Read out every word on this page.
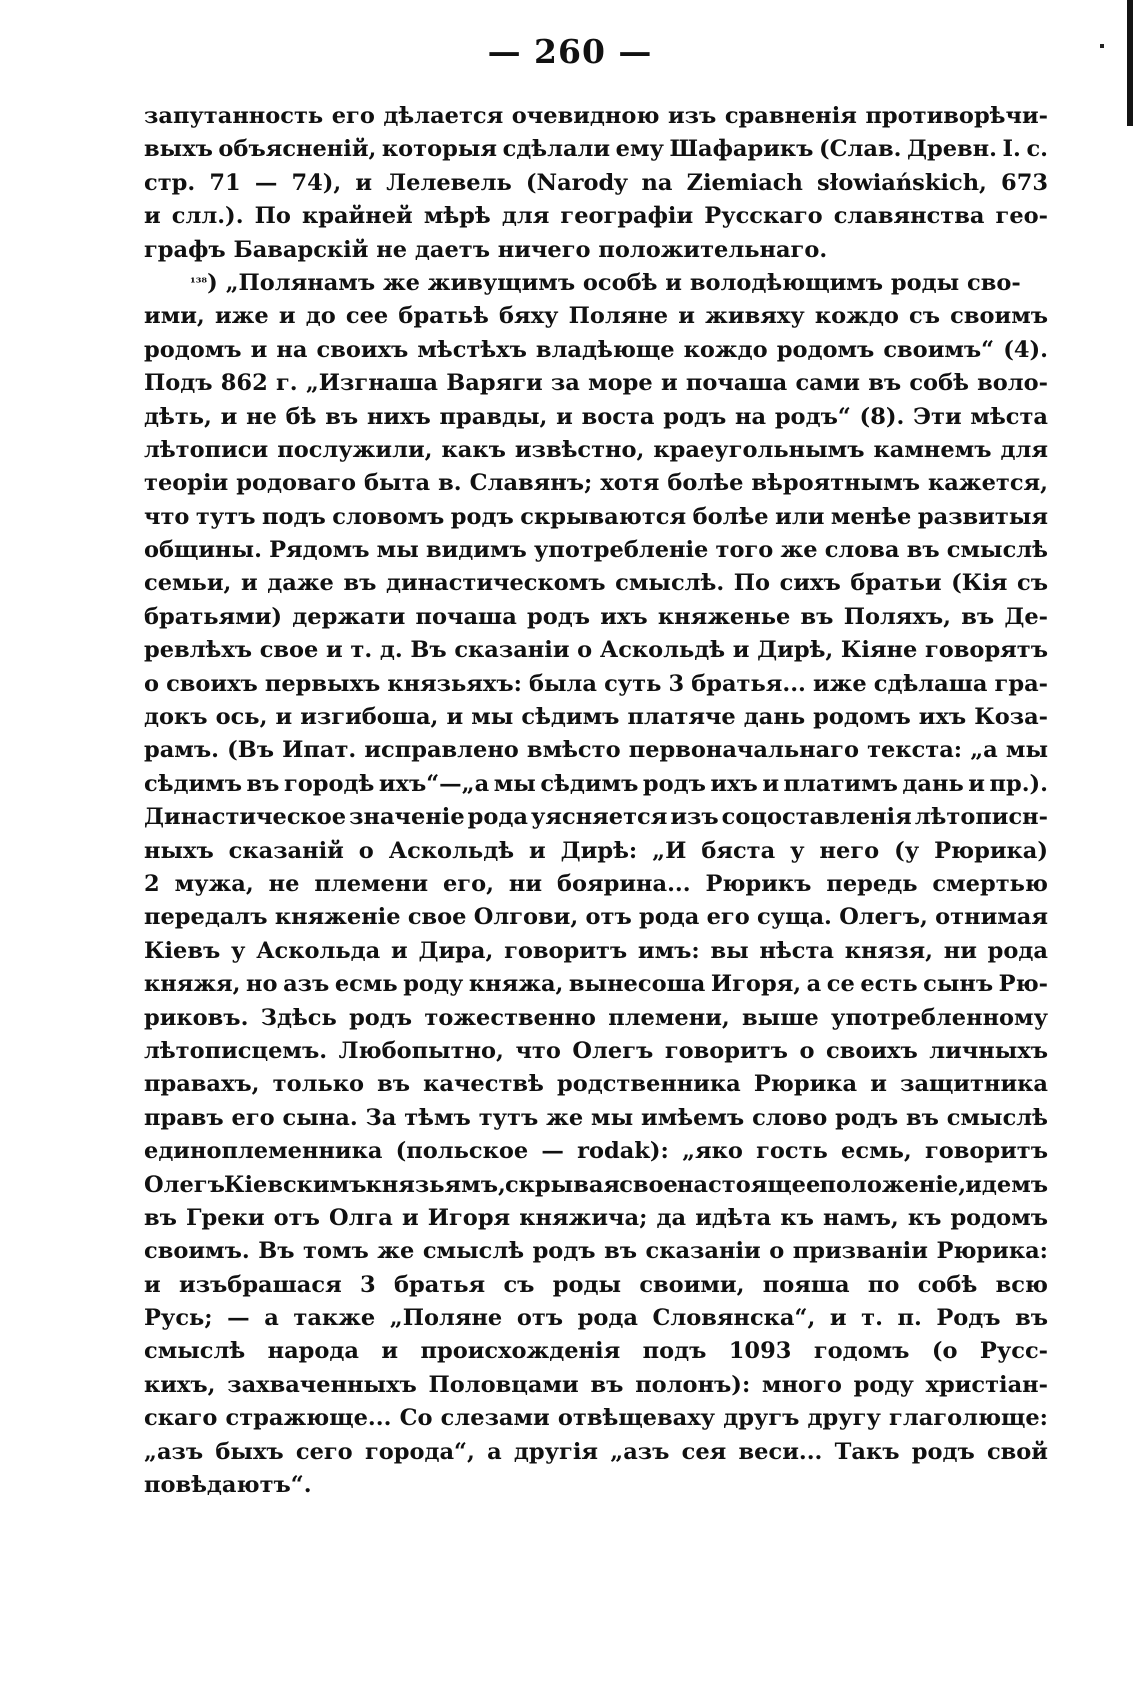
— 260 —
запутанность его дѣлается очевидною изъ сравненія противорѣчи-
выхъ объясненій, которыя сдѣлали ему Шафарикъ (Слав. Древн. I. с.
стр. 71 — 74), и Лелевель (Narody na Ziemiach słowiańskich, 673
и слл.). По крайней мѣрѣ для географіи Русскаго славянства гео-
графъ Баварскій не даетъ ничего положительнаго.
¹³⁸ ) „Полянамъ же живущимъ особѣ и володѣющимъ роды сво-
ими, иже и до сее братьѣ бяху Поляне и живяху кождо съ своимъ
родомъ и на своихъ мѣстѣхъ владѣюще кождо родомъ своимъ“ (4).
Подъ 862 г. „Изгнаша Варяги за море и почаша сами въ собѣ воло-
дѣть, и не бѣ въ нихъ правды, и воста родъ на родъ“ (8). Эти мѣста
лѣтописи послужили, какъ извѣстно, краеугольнымъ камнемъ для
теоріи родоваго быта в. Славянъ; хотя болѣе вѣроятнымъ кажется,
что тутъ подъ словомъ родъ скрываются болѣе или менѣе развитыя
общины. Рядомъ мы видимъ употребленіе того же слова въ смыслѣ
семьи, и даже въ династическомъ смыслѣ. По сихъ братьи (Кія съ
братьями) держати почаша родъ ихъ княженье въ Поляхъ, въ Де-
ревлѣхъ свое и т. д. Въ сказаніи о Аскольдѣ и Дирѣ, Кіяне говорятъ
о своихъ первыхъ князьяхъ: была суть 3 братья... иже сдѣлаша гра-
докъ ось, и изгибоша, и мы сѣдимъ платяче дань родомъ ихъ Коза-
рамъ. (Въ Ипат. исправлено вмѣсто первоначальнаго текста: „а мы
сѣдимъ въ городѣ ихъ“—„а мы сѣдимъ родъ ихъ и платимъ дань и пр.).
Династическое значеніе рода уясняется изъ соцоставленія лѣтописн-
ныхъ сказаній о Аскольдѣ и Дирѣ: „И бяста у него (у Рюрика)
2 мужа, не племени его, ни боярина... Рюрикъ передь смертью
передалъ княженіе свое Олгови, отъ рода его суща. Олегъ, отнимая
Кіевъ у Аскольда и Дира, говоритъ имъ: вы нѣста князя, ни рода
княжя, но азъ есмь роду княжа, вынесоша Игоря, а се есть сынъ Рю-
риковъ. Здѣсь родъ тожественно племени, выше употребленному
лѣтописцемъ. Любопытно, что Олегъ говоритъ о своихъ личныхъ
правахъ, только въ качествѣ родственника Рюрика и защитника
правъ его сына. За тѣмъ тутъ же мы имѣемъ слово родъ въ смыслѣ
единоплеменника (польское — rodak): „яко гость есмь, говоритъ
Олегъ Кіевскимъ князьямъ, скрывая свое настоящее положеніе, идемъ
въ Греки отъ Олга и Игоря княжича; да идѣта къ намъ, къ родомъ
своимъ. Въ томъ же смыслѣ родъ въ сказаніи о призваніи Рюрика:
и изъбрашася 3 братья съ роды своими, пояша по собѣ всю
Русь; — а также „Поляне отъ рода Словянска“, и т. п. Родъ въ
смыслѣ народа и происхожденія подъ 1093 годомъ (о Русс-
кихъ, захваченныхъ Половцами въ полонъ): много роду христіан-
скаго стражюще... Со слезами отвѣщеваху другъ другу глаголюще:
„азъ быхъ сего города“, а другія „азъ сея веси... Такъ родъ свой
повѣдаютъ“.
